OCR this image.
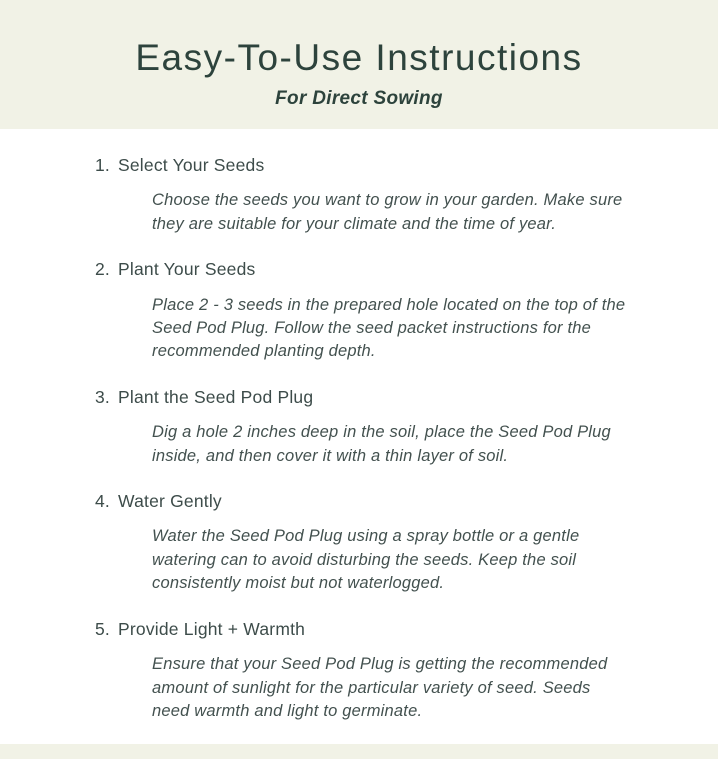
Easy-To-Use Instructions
For Direct Sowing
1. Select Your Seeds

Choose the seeds you want to grow in your garden. Make sure they are suitable for your climate and the time of year.

2. Plant Your Seeds

Place 2 - 3 seeds in the prepared hole located on the top of the Seed Pod Plug. Follow the seed packet instructions for the recommended planting depth.

3. Plant the Seed Pod Plug

Dig a hole 2 inches deep in the soil, place the Seed Pod Plug inside, and then cover it with a thin layer of soil.

4. Water Gently

Water the Seed Pod Plug using a spray bottle or a gentle watering can to avoid disturbing the seeds. Keep the soil consistently moist but not waterlogged.

5. Provide Light + Warmth

Ensure that your Seed Pod Plug is getting the recommended amount of sunlight for the particular variety of seed. Seeds need warmth and light to germinate.
